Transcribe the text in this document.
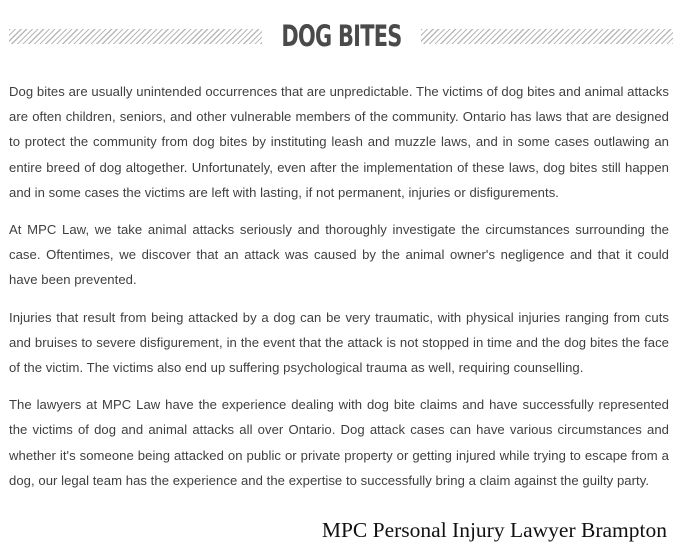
DOG BITES

Dog bites are usually unintended occurrences that are unpredictable. The victims of dog bites and animal attacks are often children, seniors, and other vulnerable members of the community. Ontario has laws that are designed to protect the community from dog bites by instituting leash and muzzle laws, and in some cases outlawing an entire breed of dog altogether. Unfortunately, even after the implementation of these laws, dog bites still happen and in some cases the victims are left with lasting, if not permanent, injuries or disfigurements.

At MPC Law, we take animal attacks seriously and thoroughly investigate the circumstances surrounding the case. Oftentimes, we discover that an attack was caused by the animal owner's negligence and that it could have been prevented.

Injuries that result from being attacked by a dog can be very traumatic, with physical injuries ranging from cuts and bruises to severe disfigurement, in the event that the attack is not stopped in time and the dog bites the face of the victim. The victims also end up suffering psychological trauma as well, requiring counselling.

The lawyers at MPC Law have the experience dealing with dog bite claims and have successfully represented the victims of dog and animal attacks all over Ontario. Dog attack cases can have various circumstances and whether it's someone being attacked on public or private property or getting injured while trying to escape from a dog, our legal team has the experience and the expertise to successfully bring a claim against the guilty party.

MPC Personal Injury Lawyer Brampton
